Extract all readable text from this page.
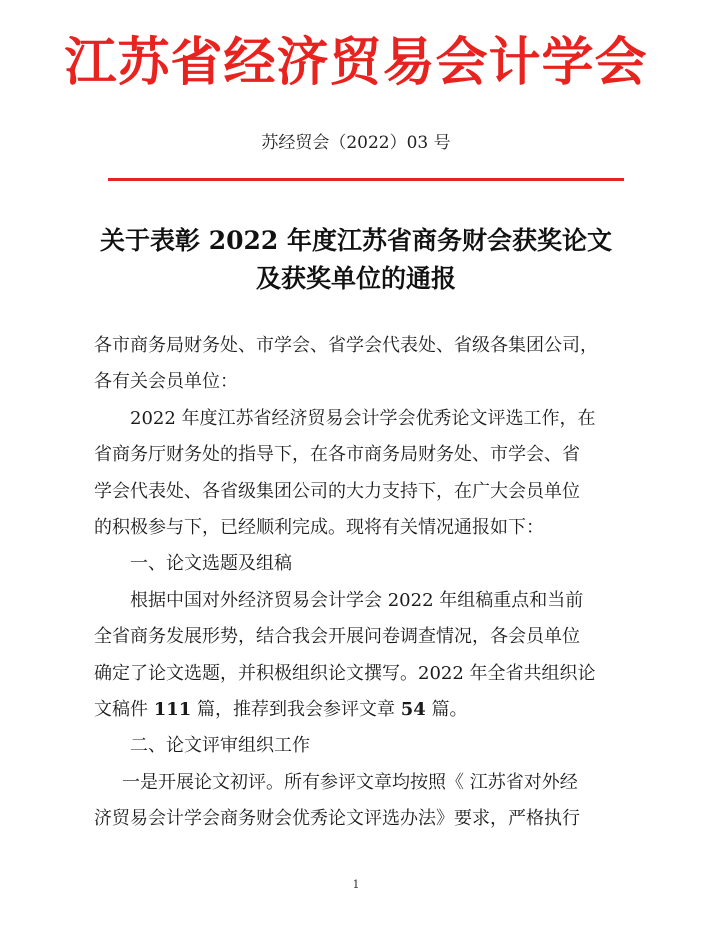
江苏省经济贸易会计学会
苏经贸会（2022）03 号
关于表彰 2022 年度江苏省商务财会获奖论文
及获奖单位的通报

各市商务局财务处、市学会、省学会代表处、省级各集团公司，

各有关会员单位：

2022 年度江苏省经济贸易会计学会优秀论文评选工作，在

省商务厅财务处的指导下，在各市商务局财务处、市学会、省

学会代表处、各省级集团公司的大力支持下，在广大会员单位

的积极参与下，已经顺利完成。现将有关情况通报如下：

一、论文选题及组稿

根据中国对外经济贸易会计学会 2022 年组稿重点和当前

全省商务发展形势，结合我会开展问卷调查情况，各会员单位

确定了论文选题，并积极组织论文撰写。2022 年全省共组织论

文稿件 111 篇，推荐到我会参评文章 54 篇。

二、论文评审组织工作

一是开展论文初评。所有参评文章均按照《 江苏省对外经

济贸易会计学会商务财会优秀论文评选办法》要求，严格执行

1
